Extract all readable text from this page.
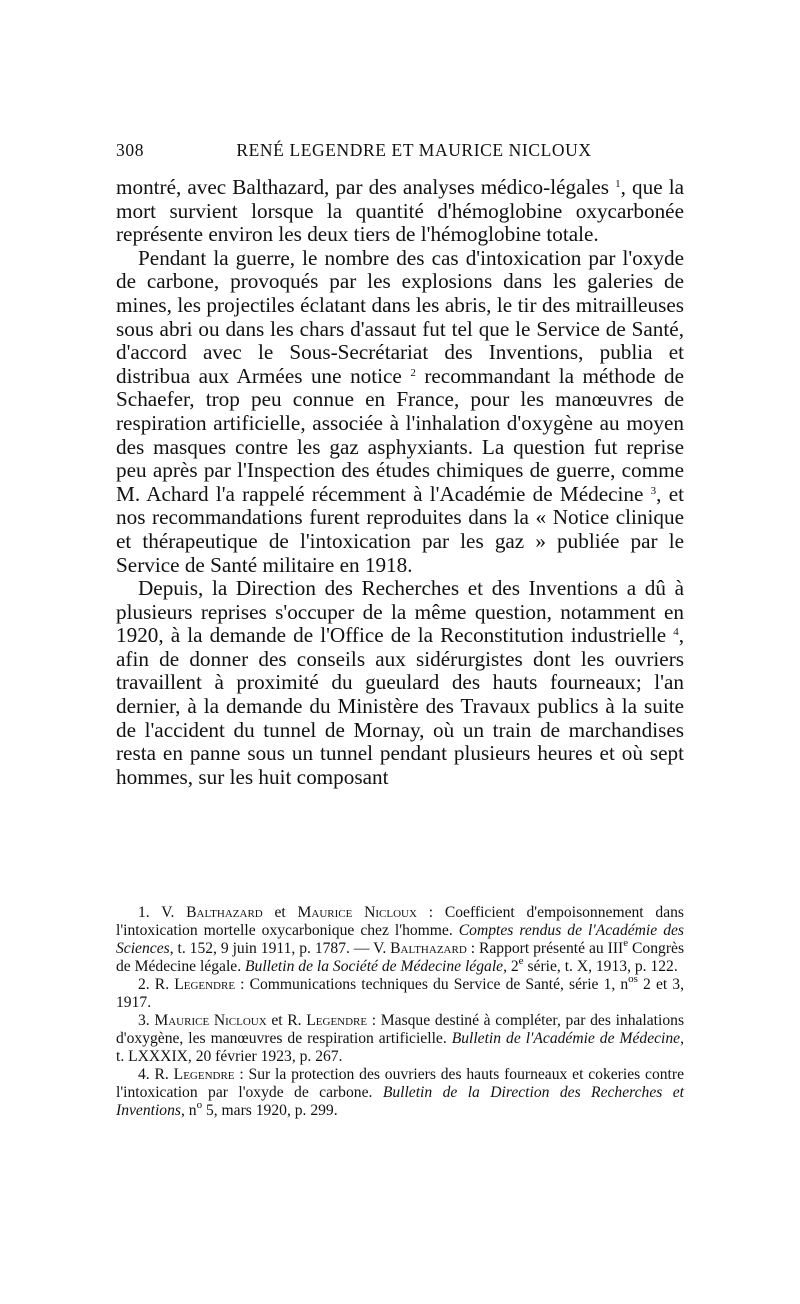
308	RENÉ LEGENDRE ET MAURICE NICLOUX

montré, avec Balthazard, par des analyses médico-légales $^1$, que la mort survient lorsque la quantité d'hémoglobine oxycarbonée représente environ les deux tiers de l'hémoglobine totale.

Pendant la guerre, le nombre des cas d'intoxication par l'oxyde de carbone, provoqués par les explosions dans les galeries de mines, les projectiles éclatant dans les abris, le tir des mitrailleuses sous abri ou dans les chars d'assaut fut tel que le Service de Santé, d'accord avec le Sous-Secrétariat des Inventions, publia et distribua aux Armées une notice $^2$ recommandant la méthode de Schaefer, trop peu connue en France, pour les manœuvres de respiration artificielle, associée à l'inhalation d'oxygène au moyen des masques contre les gaz asphyxiants. La question fut reprise peu après par l'Inspection des études chimiques de guerre, comme M. Achard l'a rappelé récemment à l'Académie de Médecine $^3$, et nos recommandations furent reproduites dans la « Notice clinique et thérapeutique de l'intoxication par les gaz » publiée par le Service de Santé militaire en 1918.

Depuis, la Direction des Recherches et des Inventions a dû à plusieurs reprises s'occuper de la même question, notamment en 1920, à la demande de l'Office de la Reconstitution industrielle $^4$, afin de donner des conseils aux sidérurgistes dont les ouvriers travaillent à proximité du gueulard des hauts fourneaux; l'an dernier, à la demande du Ministère des Travaux publics à la suite de l'accident du tunnel de Mornay, où un train de marchandises resta en panne sous un tunnel pendant plusieurs heures et où sept hommes, sur les huit composant

1. V. Balthazard et Maurice Nicloux : Coefficient d'empoisonnement dans l'intoxication mortelle oxycarbonique chez l'homme. Comptes rendus de l'Académie des Sciences, t. 152, 9 juin 1911, p. 1787. — V. Balthazard : Rapport présenté au IIIe Congrès de Médecine légale. Bulletin de la Société de Médecine légale, 2e série, t. X, 1913, p. 122.

2. R. Legendre : Communications techniques du Service de Santé, série 1, $n^{os}$ 2 et 3, 1917.

3. Maurice Nicloux et R. Legendre : Masque destiné à compléter, par des inhalations d'oxygène, les manœuvres de respiration artificielle. Bulletin de l'Académie de Médecine, t. LXXXIX, 20 février 1923, p. 267.

4. R. Legendre : Sur la protection des ouvriers des hauts fourneaux et cokeries contre l'intoxication par l'oxyde de carbone. Bulletin de la Direction des Recherches et Inventions, $n^o$ 5, mars 1920, p. 299.
